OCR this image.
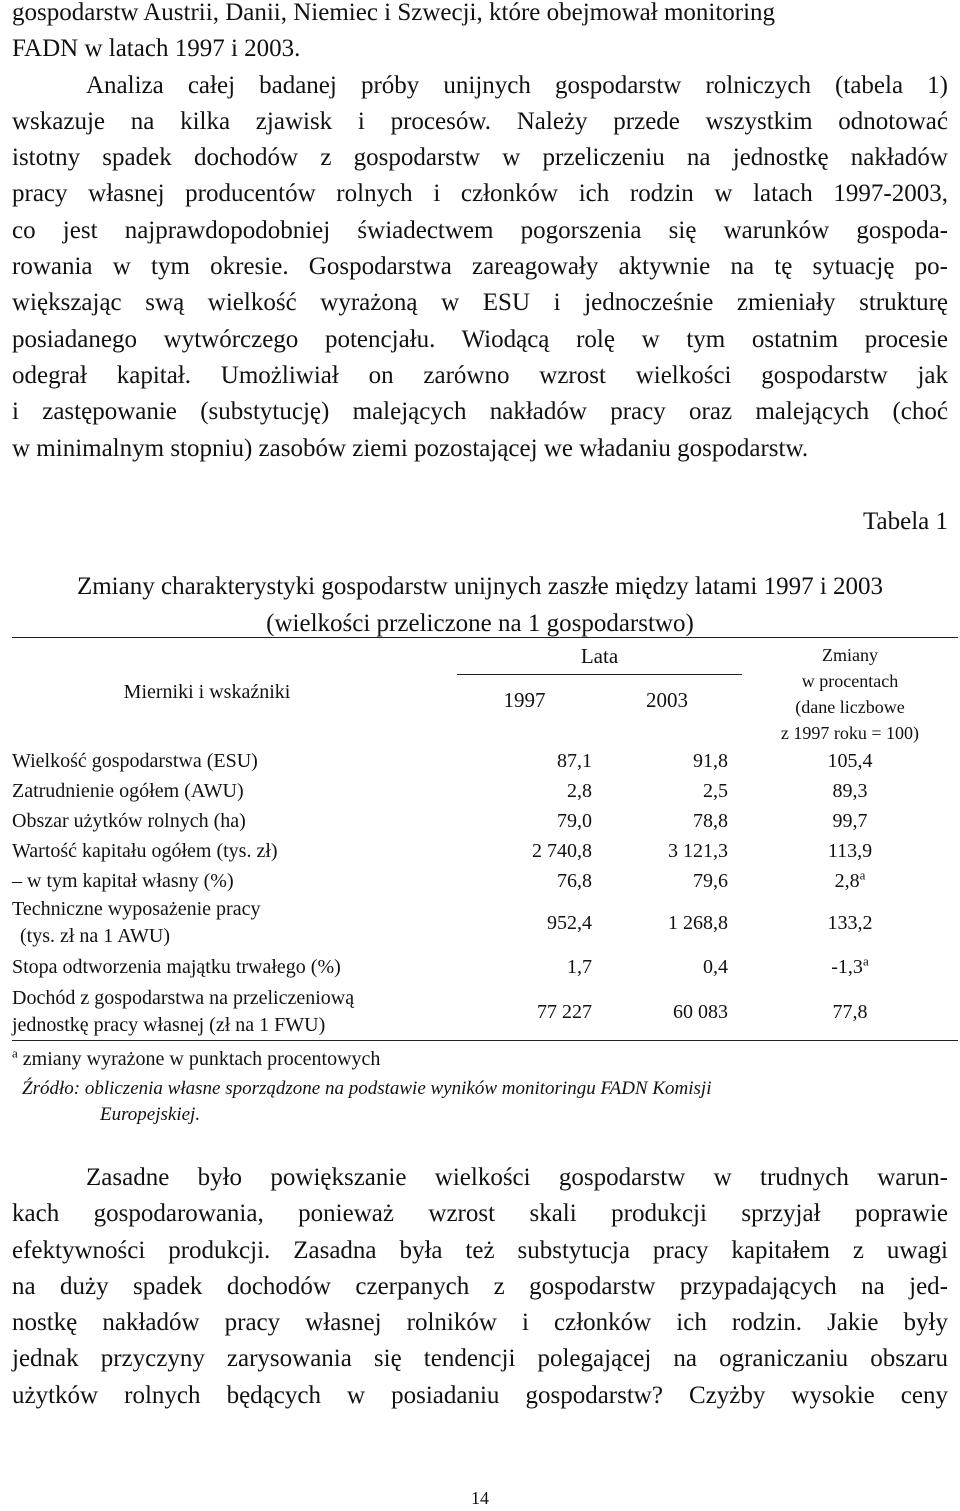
gospodarstw Austrii, Danii, Niemiec i Szwecji, które obejmował monitoring
FADN w latach 1997 i 2003.
Analiza całej badanej próby unijnych gospodarstw rolniczych (tabela 1)
wskazuje na kilka zjawisk i procesów. Należy przede wszystkim odnotować
istotny spadek dochodów z gospodarstw w przeliczeniu na jednostkę nakładów
pracy własnej producentów rolnych i członków ich rodzin w latach 1997-2003,
co jest najprawdopodobniej świadectwem pogorszenia się warunków gospoda-
rowania w tym okresie. Gospodarstwa zareagowały aktywnie na tę sytuację po-
większając swą wielkość wyrażoną w ESU i jednocześnie zmieniały strukturę
posiadanego wytwórczego potencjału. Wiodącą rolę w tym ostatnim procesie
odegrał kapitał. Umożliwiał on zarówno wzrost wielkości gospodarstw jak
i zastępowanie (substytucję) malejących nakładów pracy oraz malejących (choć
w minimalnym stopniu) zasobów ziemi pozostającej we władaniu gospodarstw.
Tabela 1
Zmiany charakterystyki gospodarstw unijnych zaszłe między latami 1997 i 2003
(wielkości przeliczone na 1 gospodarstwo)
Mierniki i wskaźniki	Lata		Zmiany
w procentach
(dane liczbowe
z 1997 roku = 100)

	1997	2003	

Wielkość gospodarstwa (ESU)	87,1	91,8	105,4
Zatrudnienie ogółem (AWU)	2,8	2,5	89,3
Obszar użytków rolnych (ha)	79,0	78,8	99,7
Wartość kapitału ogółem (tys. zł)	2 740,8	3 121,3	113,9
– w tym kapitał własny (%)	76,8	79,6	2,8$^a$

Techniczne wyposażenie pracy
(tys. zł na 1 AWU)	952,4	1 268,8	133,2
Stopa odtworzenia majątku trwałego (%)	1,7	0,4	-1,3$^a$

Dochód z gospodarstwa na przeliczeniową
jednostkę pracy własnej (zł na 1 FWU)	77 227	60 083	77,8
$^a$ zmiany wyrażone w punktach procentowych
Źródło: obliczenia własne sporządzone na podstawie wyników monitoringu FADN Komisji
Europejskiej.
Zasadne było powiększanie wielkości gospodarstw w trudnych warun-
kach gospodarowania, ponieważ wzrost skali produkcji sprzyjał poprawie
efektywności produkcji. Zasadna była też substytucja pracy kapitałem z uwagi
na duży spadek dochodów czerpanych z gospodarstw przypadających na jed-
nostkę nakładów pracy własnej rolników i członków ich rodzin. Jakie były
jednak przyczyny zarysowania się tendencji polegającej na ograniczaniu obszaru
użytków rolnych będących w posiadaniu gospodarstw? Czyżby wysokie ceny
14
